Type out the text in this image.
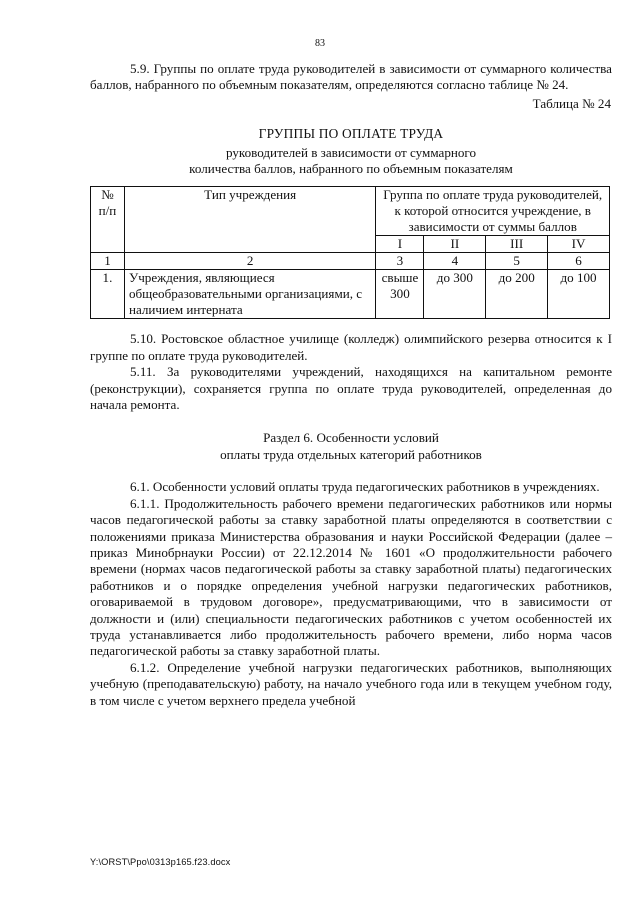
83

5.9. Группы по оплате труда руководителей в зависимости от суммарного количества баллов, набранного по объемным показателям, определяются согласно таблице № 24.

Таблица № 24

ГРУППЫ ПО ОПЛАТЕ ТРУДА
руководителей в зависимости от суммарного
количества баллов, набранного по объемным показателям
№ п/п	Тип учреждения	Группа по оплате труда руководителей, к которой относится учреждение, в зависимости от суммы баллов			
		I	II	III	IV
1	2	3	4	5	6
1.	Учреждения, являющиеся общеобразовательными организациями, с наличием интерната	свыше 300	до 300	до 200	до 100

5.10. Ростовское областное училище (колледж) олимпийского резерва относится к I группе по оплате труда руководителей.

5.11. За руководителями учреждений, находящихся на капитальном ремонте (реконструкции), сохраняется группа по оплате труда руководителей, определенная до начала ремонта.

Раздел 6. Особенности условий
оплаты труда отдельных категорий работников

6.1. Особенности условий оплаты труда педагогических работников в учреждениях.

6.1.1. Продолжительность рабочего времени педагогических работников или нормы часов педагогической работы за ставку заработной платы определяются в соответствии с положениями приказа Министерства образования и науки Российской Федерации (далее – приказ Минобрнауки России) от 22.12.2014 № 1601 «О продолжительности рабочего времени (нормах часов педагогической работы за ставку заработной платы) педагогических работников и о порядке определения учебной нагрузки педагогических работников, оговариваемой в трудовом договоре», предусматривающими, что в зависимости от должности и (или) специальности педагогических работников с учетом особенностей их труда устанавливается либо продолжительность рабочего времени, либо норма часов педагогической работы за ставку заработной платы.

6.1.2. Определение учебной нагрузки педагогических работников, выполняющих учебную (преподавательскую) работу, на начало учебного года или в текущем учебном году, в том числе с учетом верхнего предела учебной

Y:\ORST\Ppo\0313p165.f23.docx
